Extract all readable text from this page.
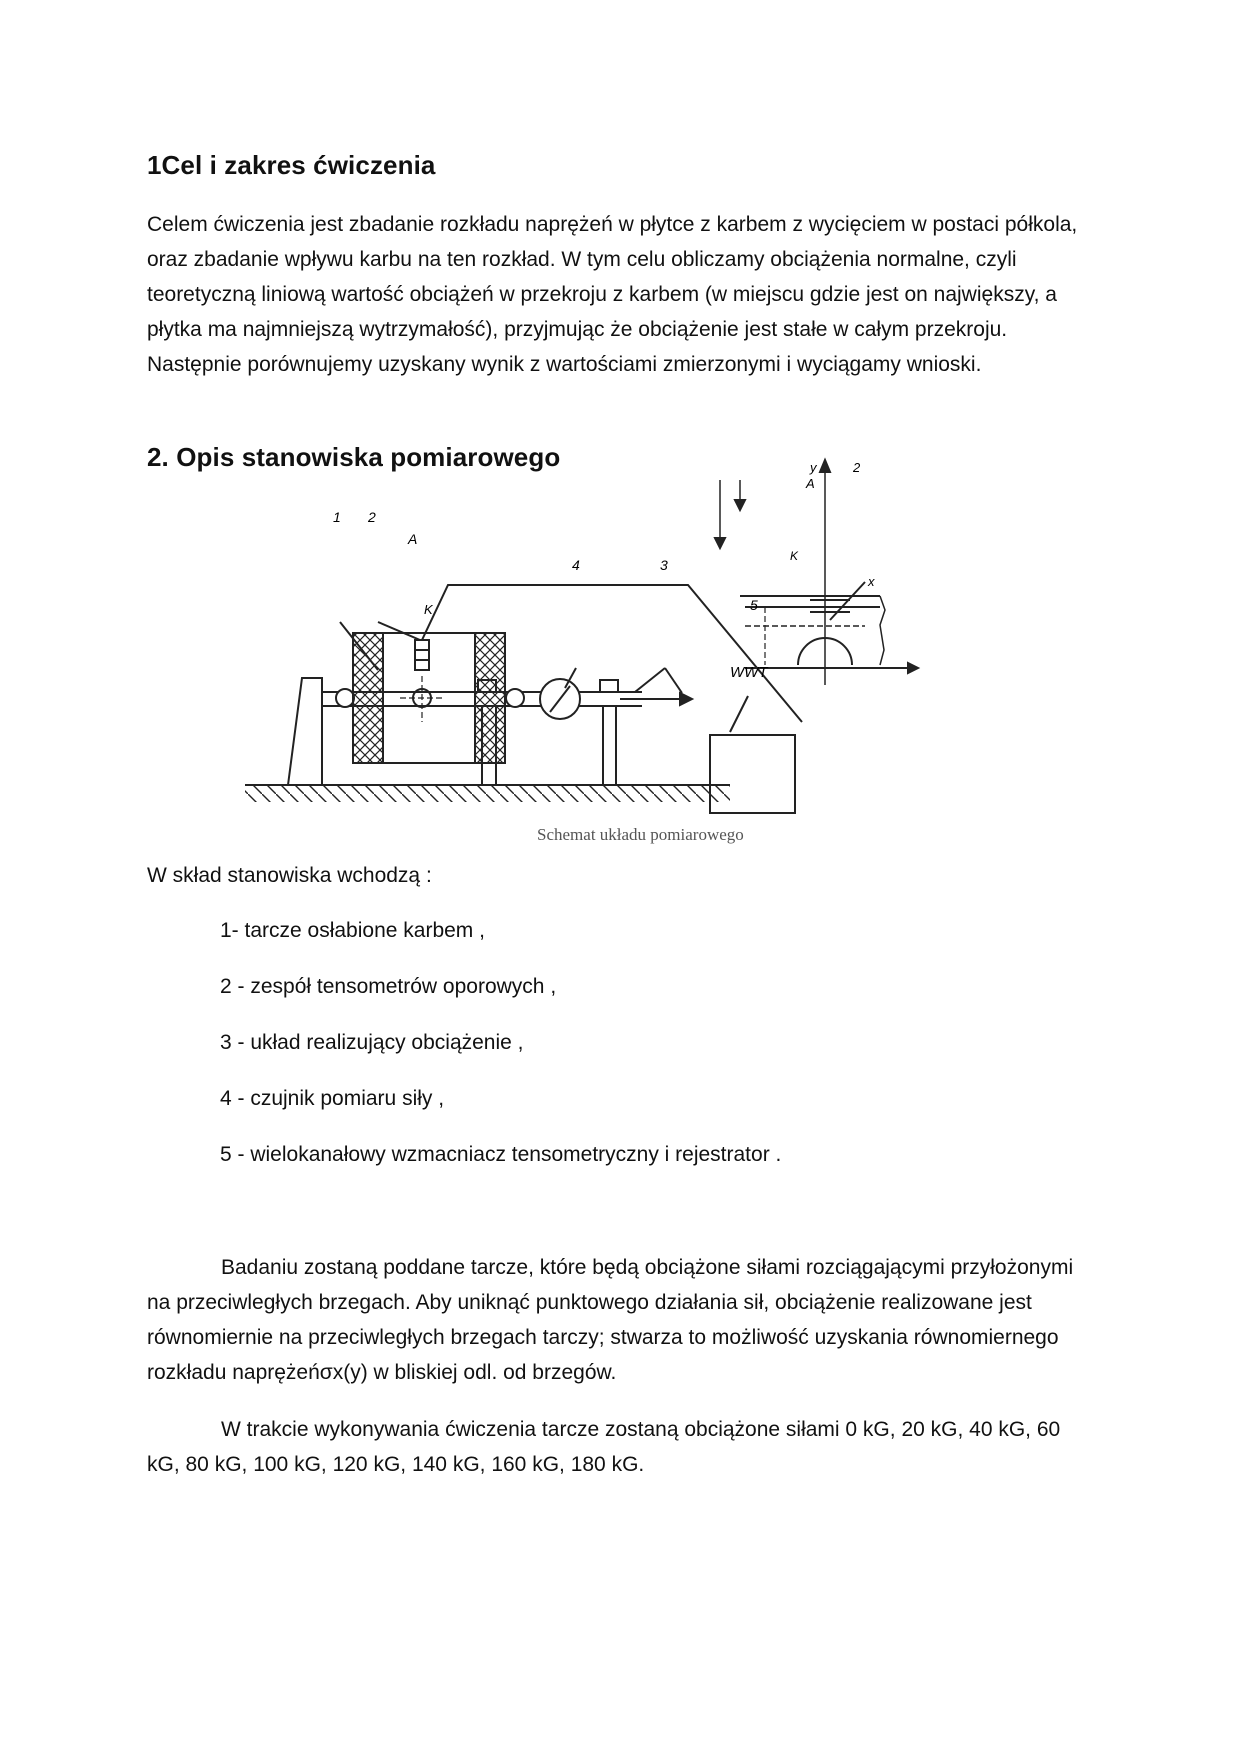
1Cel i zakres ćwiczenia

Celem ćwiczenia jest zbadanie rozkładu naprężeń w płytce z karbem z wycięciem w postaci półkola, oraz zbadanie wpływu karbu na ten rozkład. W tym celu obliczamy obciążenia normalne, czyli teoretyczną liniową wartość obciążeń w przekroju z karbem (w miejscu gdzie jest on największy, a płytka ma najmniejszą wytrzymałość), przyjmując że obciążenie jest stałe w całym przekroju. Następnie porównujemy uzyskany wynik z wartościami zmierzonymi i wyciągamy wnioski.

2. Opis stanowiska pomiarowego
1 2
A
K
4	3
5
WWT
y
x
2
A
K

Schemat układu pomiarowego

W skład stanowiska wchodzą :

1- tarcze osłabione karbem ,

2 - zespół tensometrów oporowych ,

3 - układ realizujący obciążenie ,

4 - czujnik pomiaru siły ,

5 - wielokanałowy wzmacniacz tensometryczny i rejestrator .

Badaniu zostaną poddane tarcze, które będą obciążone siłami rozciągającymi przyłożonymi na przeciwległych brzegach. Aby uniknąć punktowego działania sił, obciążenie realizowane jest równomiernie na przeciwległych brzegach tarczy; stwarza to możliwość uzyskania równomiernego rozkładu naprężeńσx(y) w bliskiej odl. od brzegów.

W trakcie wykonywania ćwiczenia tarcze zostaną obciążone siłami 0 kG, 20 kG, 40 kG, 60 kG, 80 kG, 100 kG, 120 kG, 140 kG, 160 kG, 180 kG.
